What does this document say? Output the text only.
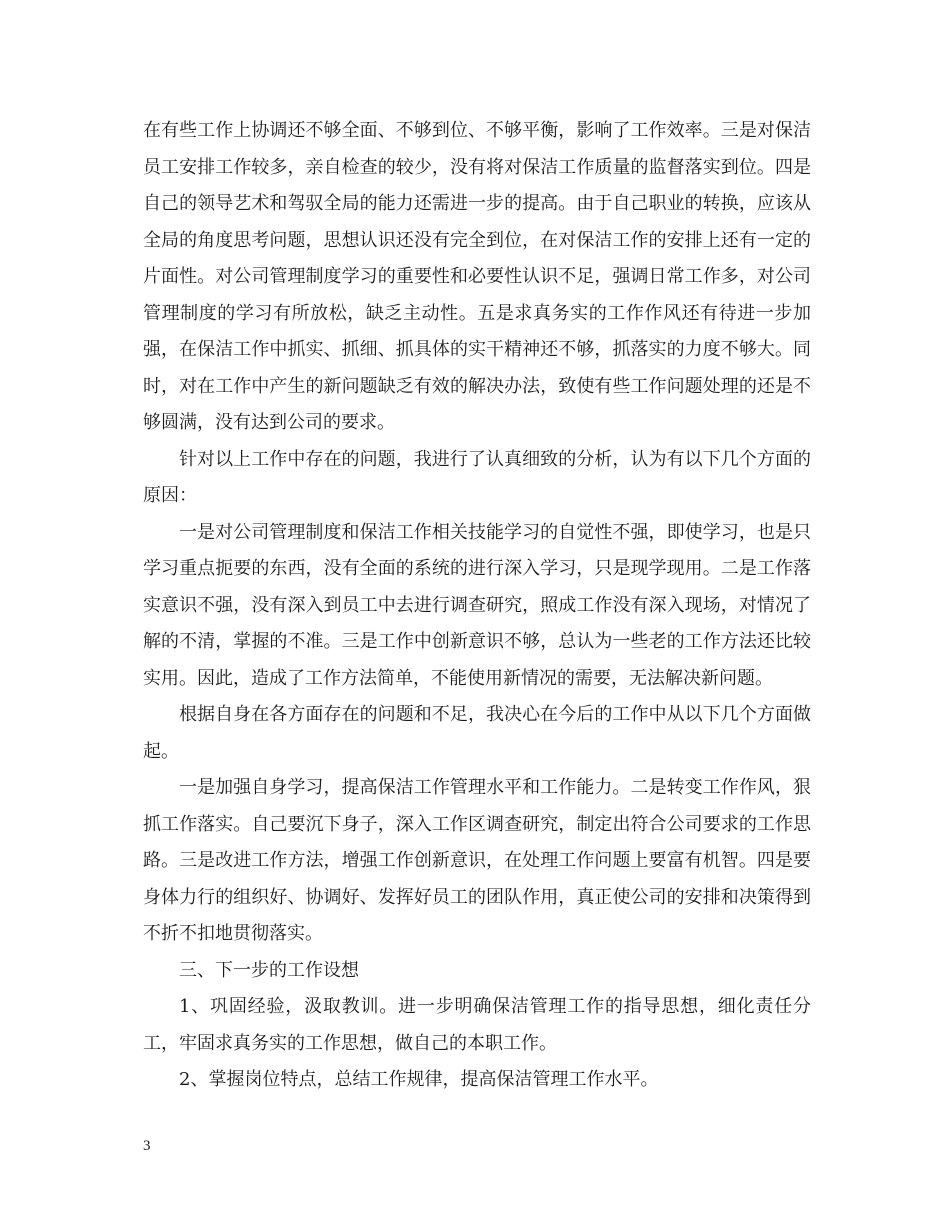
在有些工作上协调还不够全面、不够到位、不够平衡，影响了工作效率。三是对保洁员工安排工作较多，亲自检查的较少，没有将对保洁工作质量的监督落实到位。四是自己的领导艺术和驾驭全局的能力还需进一步的提高。由于自己职业的转换，应该从全局的角度思考问题，思想认识还没有完全到位，在对保洁工作的安排上还有一定的片面性。对公司管理制度学习的重要性和必要性认识不足，强调日常工作多，对公司管理制度的学习有所放松，缺乏主动性。五是求真务实的工作作风还有待进一步加强，在保洁工作中抓实、抓细、抓具体的实干精神还不够，抓落实的力度不够大。同时，对在工作中产生的新问题缺乏有效的解决办法，致使有些工作问题处理的还是不够圆满，没有达到公司的要求。

针对以上工作中存在的问题，我进行了认真细致的分析，认为有以下几个方面的原因：

一是对公司管理制度和保洁工作相关技能学习的自觉性不强，即使学习，也是只学习重点扼要的东西，没有全面的系统的进行深入学习，只是现学现用。二是工作落实意识不强，没有深入到员工中去进行调查研究，照成工作没有深入现场，对情况了解的不清，掌握的不准。三是工作中创新意识不够，总认为一些老的工作方法还比较实用。因此，造成了工作方法简单，不能使用新情况的需要，无法解决新问题。

根据自身在各方面存在的问题和不足，我决心在今后的工作中从以下几个方面做起。

一是加强自身学习，提高保洁工作管理水平和工作能力。二是转变工作作风，狠抓工作落实。自己要沉下身子，深入工作区调查研究，制定出符合公司要求的工作思路。三是改进工作方法，增强工作创新意识，在处理工作问题上要富有机智。四是要身体力行的组织好、协调好、发挥好员工的团队作用，真正使公司的安排和决策得到不折不扣地贯彻落实。

三、下一步的工作设想

1、巩固经验，汲取教训。进一步明确保洁管理工作的指导思想，细化责任分工，牢固求真务实的工作思想，做自己的本职工作。

2、掌握岗位特点，总结工作规律，提高保洁管理工作水平。

3
